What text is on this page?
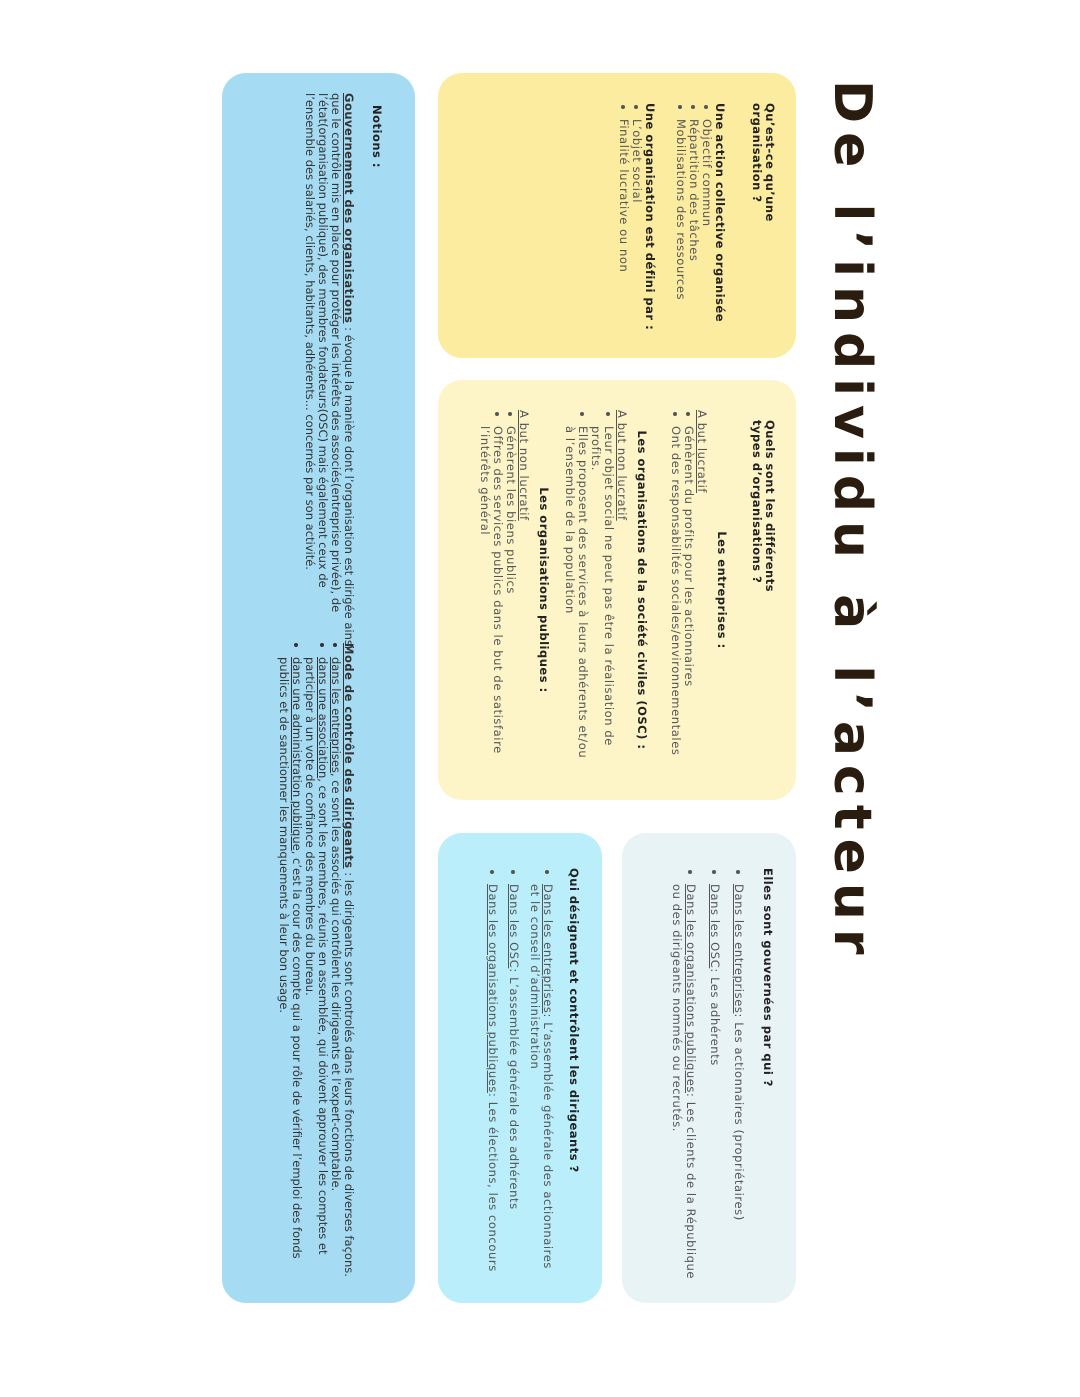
De l’individu à l’acteur
Qu’est-ce qu’une organisation ?
Une action collective organisée
• Objectif commun
• Répartition des tâches
• Mobilisations des ressources
Une organisation est défini par :
• L’objet social
• Finalité lucrative ou non
Quels sont les différents types d’organisations ?
Les entreprises :
A but lucratif
• Génèrent du profits pour les actionnaires
• Ont des responsabilités sociales/environnementales
Les organisations de la société civiles (OSC) :
A but non lucratif
• Leur objet social ne peut pas être la réalisation de profits.
• Elles proposent des services à leurs adhérents et/ou à l’ensemble de la population
Les organisations publiques :
A but non lucratif
• Génèrent les biens publics
• Offres des services publics dans le but de satisfaire l’intérêts général
Elles sont gouvernées par qui ?
• Dans les entreprises: Les actionnaires (propriétaires)
• Dans les OSC: Les adhérents
• Dans les organisations publiques: Les clients de la République ou des dirigeants nommés ou recrutés.
Qui désignent et contrôlent les dirigeants ?
• Dans les entreprises: L’assemblée générale des actionnaires et le conseil d’administration
• Dans les OSC: L’assemblée générale des adhérents
• Dans les organisations publiques: Les élections, les concours
Notions :
Gouvernement des organisations : évoque la manière dont l’organisation est dirigée ainsi que le contrôle mis en place pour protéger les intérêts des associés(entreprise privée), de l’état(organisation publique), des membres fondateurs(OSC) mais également ceux de l’ensemble des salariés, clients, habitants, adhérents... concernés par son activité.
Mode de contrôle des dirigeants : les dirigeants sont controlés dans leurs fonctions de diverses façons.
• dans les entreprises, ce sont les associés qui contrôlent les dirigeants et l’expert-comptable.
• dans une association, ce sont les membres, réunis en assemblée, qui doivent approuver les comptes et participer à un vote de confiance des membres du bureau.
• dans une administration publique, c’est la cour des compte qui a pour rôle de vérifier l’emploi des fonds publics et de sanctionner les manquements à leur bon usage.
